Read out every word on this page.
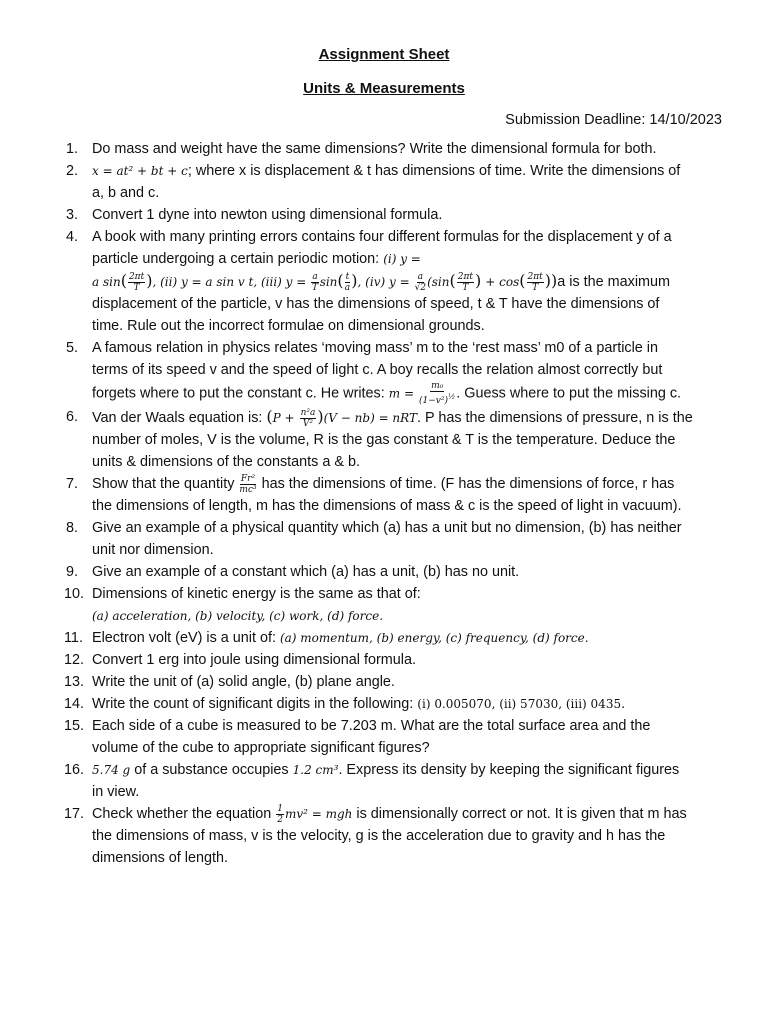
Assignment Sheet
Units & Measurements
Submission Deadline: 14/10/2023
1. Do mass and weight have the same dimensions? Write the dimensional formula for both.
2.	x = at² + bt + c; where x is displacement & t has dimensions of time. Write the dimensions of a, b and c.
3. Convert 1 dyne into newton using dimensional formula.
4. A book with many printing errors contains four different formulas for the displacement y of a particle undergoing a certain periodic motion: (i) y =
a $\sin( \frac{2\pi t}{T}$ ), (ii) y = a sin v t, (iii) $y = \frac{a}{T} \sin( \frac{t}{a}$ ), (iv) $y = \frac{a}{√2} (\sin( \frac{2\pi t}{T}$ ) + $\cos( \frac{2\pi t}{T} ))a$ is the maximum displacement of the particle, v has the dimensions of speed, t & T have the dimensions of time. Rule out the incorrect formulae on dimensional grounds.
5. A famous relation in physics relates ‘moving mass’ m to the ‘rest mass’ m0 of a particle in terms of its speed v and the speed of light c. A boy recalls the relation almost correctly but forgets where to put the constant c. He writes: $m = \frac{\text{m₀}}{(1-v^2)^{\frac{1}{2}}}$ . Guess where to put the missing c.
6. Van der Waals equation is: $(P + \frac{\text{n²a}}{\text{V²}} )(V - nb)$ = nRT. P has the dimensions of pressure, n is the number of moles, V is the volume, R is the gas constant & T is the temperature. Deduce the units & dimensions of the constants a & b.
7. Show that the quantity $\frac{\text{Fr²}}{\text{mc³}}$ has the dimensions of time. (F has the dimensions of force, r has the dimensions of length, m has the dimensions of mass & c is the speed of light in vacuum).
8. Give an example of a physical quantity which (a) has a unit but no dimension, (b) has neither unit nor dimension.
9. Give an example of a constant which (a) has a unit, (b) has no unit.
10. Dimensions of kinetic energy is the same as that of:
(a) acceleration, (b) velocity, (c) work, (d) force.
11. Electron volt (eV) is a unit of: (a) momentum, (b) energy, (c) frequency, (d) force.
12. Convert 1 erg into joule using dimensional formula.
13. Write the unit of (a) solid angle, (b) plane angle.
14. Write the count of significant digits in the following: (i) 0.005070, (ii) 57030, (iii) 0435.
15. Each side of a cube is measured to be 7.203 m. What are the total surface area and the volume of the cube to appropriate significant figures?
16. 5.74 g of a substance occupies 1.2 cm³. Express its density by keeping the significant figures in view.
17. Check whether the equation $\frac{1}{2} mv^2$ = mgh is dimensionally correct or not. It is given that m has the dimensions of mass, v is the velocity, g is the acceleration due to gravity and h has the dimensions of length.
